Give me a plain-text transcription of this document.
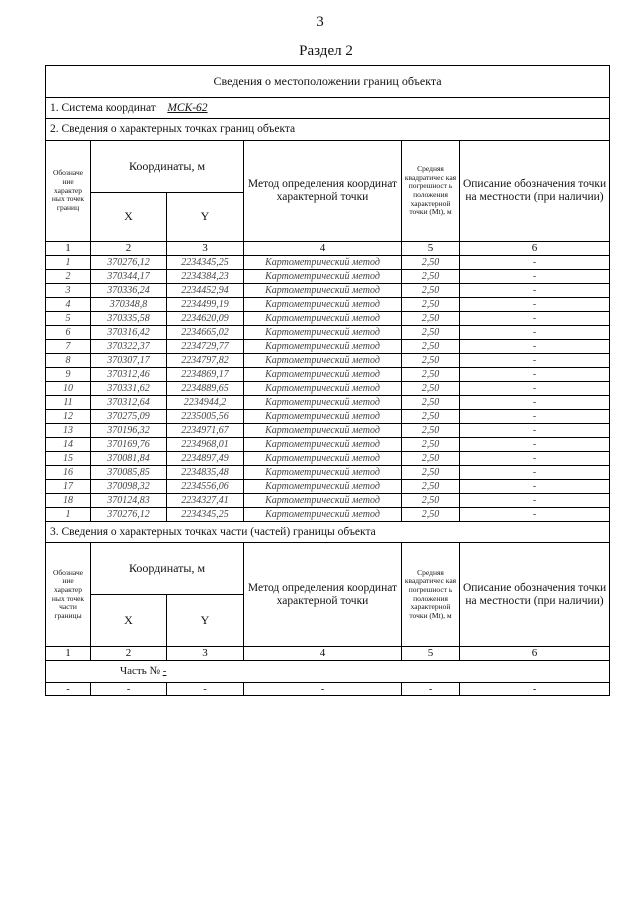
3
Раздел 2
Сведения о местоположении границ объекта					
1. Система координат МСК-62					
2. Сведения о характерных точках границ объекта					
Обозначе ние характер ных точек границ	Координаты, м		Метод определения координат характерной точки	Средняя квадратичес кая погрешност ь положения характерной точки (Mt), м	Описание обозначения точки на местности (при наличии)
	X	Y			
1	2	3	4	5	6
1	370276,12	2234345,25	Картометрический метод	2,50	-
2	370344,17	2234384,23	Картометрический метод	2,50	-
3	370336,24	2234452,94	Картометрический метод	2,50	-
4	370348,8	2234499,19	Картометрический метод	2,50	-
5	370335,58	2234620,09	Картометрический метод	2,50	-
6	370316,42	2234665,02	Картометрический метод	2,50	-
7	370322,37	2234729,77	Картометрический метод	2,50	-
8	370307,17	2234797,82	Картометрический метод	2,50	-
9	370312,46	2234869,17	Картометрический метод	2,50	-
10	370331,62	2234889,65	Картометрический метод	2,50	-
11	370312,64	2234944,2	Картометрический метод	2,50	-
12	370275,09	2235005,56	Картометрический метод	2,50	-
13	370196,32	2234971,67	Картометрический метод	2,50	-
14	370169,76	2234968,01	Картометрический метод	2,50	-
15	370081,84	2234897,49	Картометрический метод	2,50	-
16	370085,85	2234835,48	Картометрический метод	2,50	-
17	370098,32	2234556,06	Картометрический метод	2,50	-
18	370124,83	2234327,41	Картометрический метод	2,50	-
1	370276,12	2234345,25	Картометрический метод	2,50	-
3. Сведения о характерных точках части (частей) границы объекта					
Обозначе ние характер ных точек части границы	Координаты, м		Метод определения координат характерной точки	Средняя квадратичес кая погрешност ь положения характерной точки (Mt), м	Описание обозначения точки на местности (при наличии)
	X	Y			
1	2	3	4	5	6
Часть № -					
-	-	-	-	-	-
